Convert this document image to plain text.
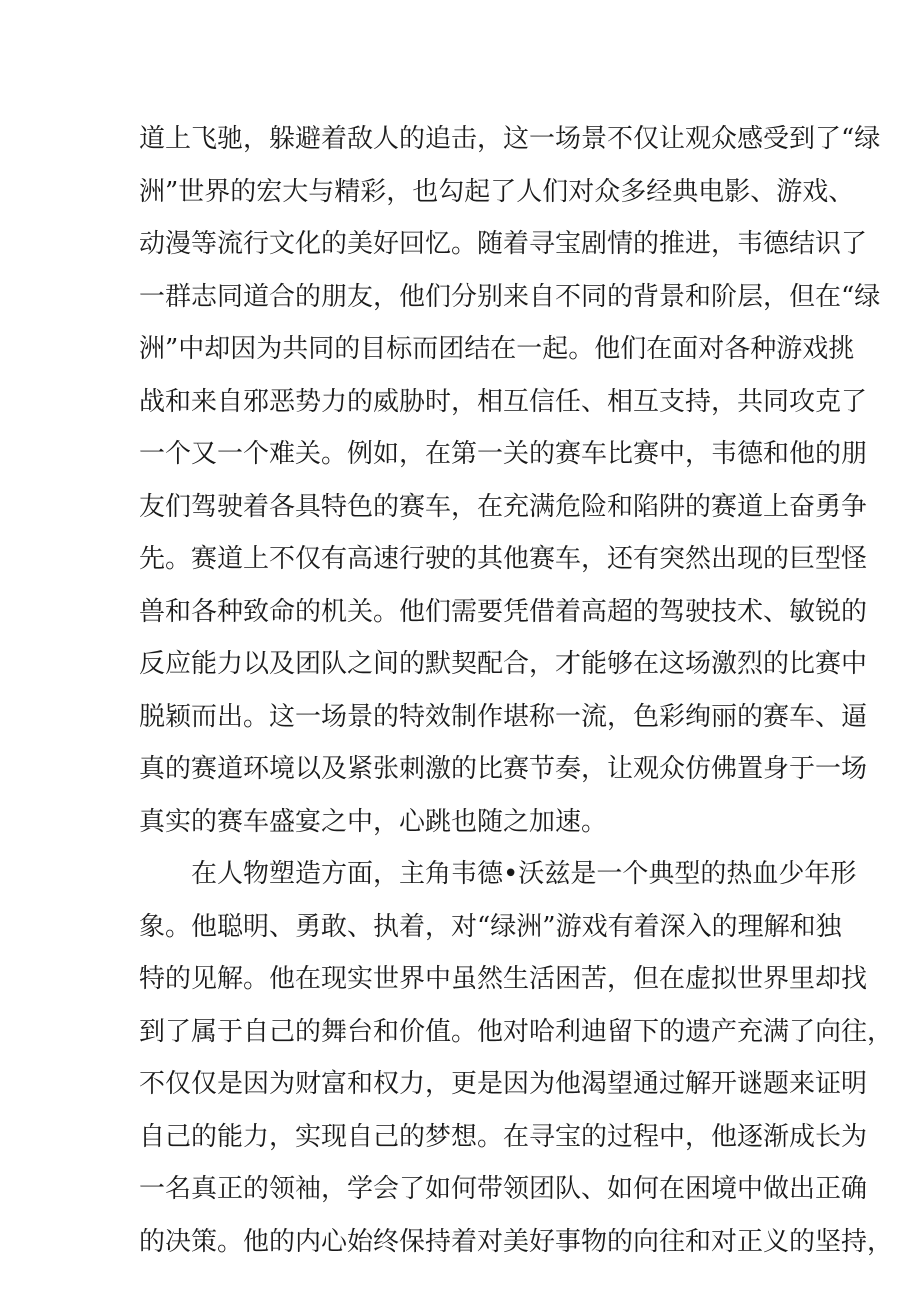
道上飞驰，躲避着敌人的追击，这一场景不仅让观众感受到了“绿
洲”世界的宏大与精彩，也勾起了人们对众多经典电影、游戏、
动漫等流行文化的美好回忆。随着寻宝剧情的推进，韦德结识了
一群志同道合的朋友，他们分别来自不同的背景和阶层，但在“绿
洲”中却因为共同的目标而团结在一起。他们在面对各种游戏挑
战和来自邪恶势力的威胁时，相互信任、相互支持，共同攻克了
一个又一个难关。例如，在第一关的赛车比赛中，韦德和他的朋
友们驾驶着各具特色的赛车，在充满危险和陷阱的赛道上奋勇争
先。赛道上不仅有高速行驶的其他赛车，还有突然出现的巨型怪
兽和各种致命的机关。他们需要凭借着高超的驾驶技术、敏锐的
反应能力以及团队之间的默契配合，才能够在这场激烈的比赛中
脱颖而出。这一场景的特效制作堪称一流，色彩绚丽的赛车、逼
真的赛道环境以及紧张刺激的比赛节奏，让观众仿佛置身于一场
真实的赛车盛宴之中，心跳也随之加速。
在人物塑造方面，主角韦德•沃兹是一个典型的热血少年形
象。他聪明、勇敢、执着，对“绿洲”游戏有着深入的理解和独
特的见解。他在现实世界中虽然生活困苦，但在虚拟世界里却找
到了属于自己的舞台和价值。他对哈利迪留下的遗产充满了向往，
不仅仅是因为财富和权力，更是因为他渴望通过解开谜题来证明
自己的能力，实现自己的梦想。在寻宝的过程中，他逐渐成长为
一名真正的领袖，学会了如何带领团队、如何在困境中做出正确
的决策。他的内心始终保持着对美好事物的向往和对正义的坚持，
